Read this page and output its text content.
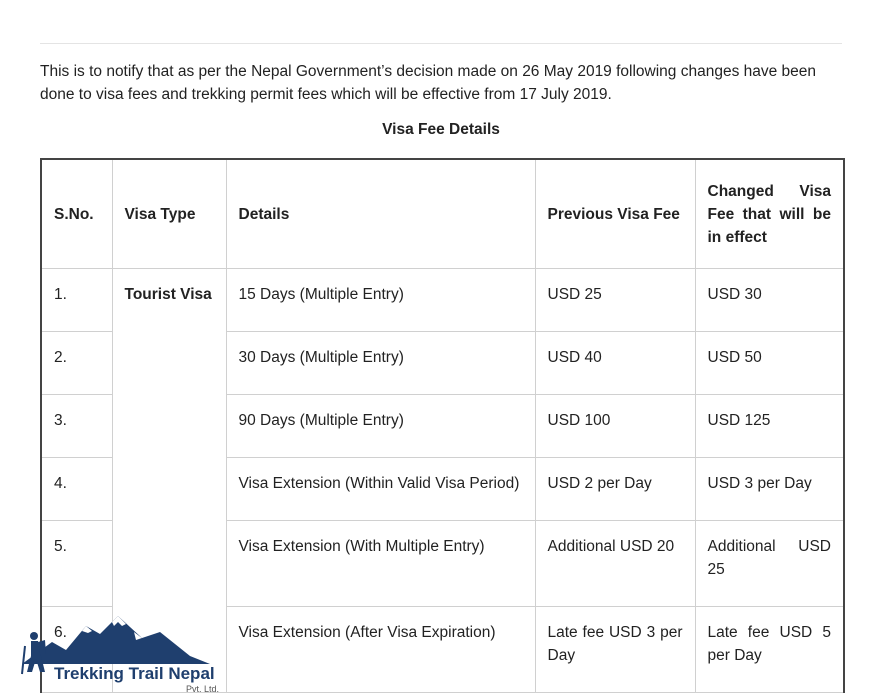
This is to notify that as per the Nepal Government’s decision made on 26 May 2019 following changes have been done to visa fees and trekking permit fees which will be effective from 17 July 2019.

Visa Fee Details

S.No.	Visa Type	Details	Previous Visa Fee	Changed Visa Fee that will be in effect
1.	Tourist Visa	15 Days (Multiple Entry)	USD 25	USD 30
2.		30 Days (Multiple Entry)	USD 40	USD 50
3.		90 Days (Multiple Entry)	USD 100	USD 125
4.		Visa Extension (Within Valid Visa Period)	USD 2 per Day	USD 3 per Day
5.		Visa Extension (With Multiple Entry)	Additional USD 20	Additional USD 25
6.		Visa Extension (After Visa Expiration)	Late fee USD 3 per Day	Late fee USD 5 per Day
Trekking Trail Nepal
Pvt. Ltd.
